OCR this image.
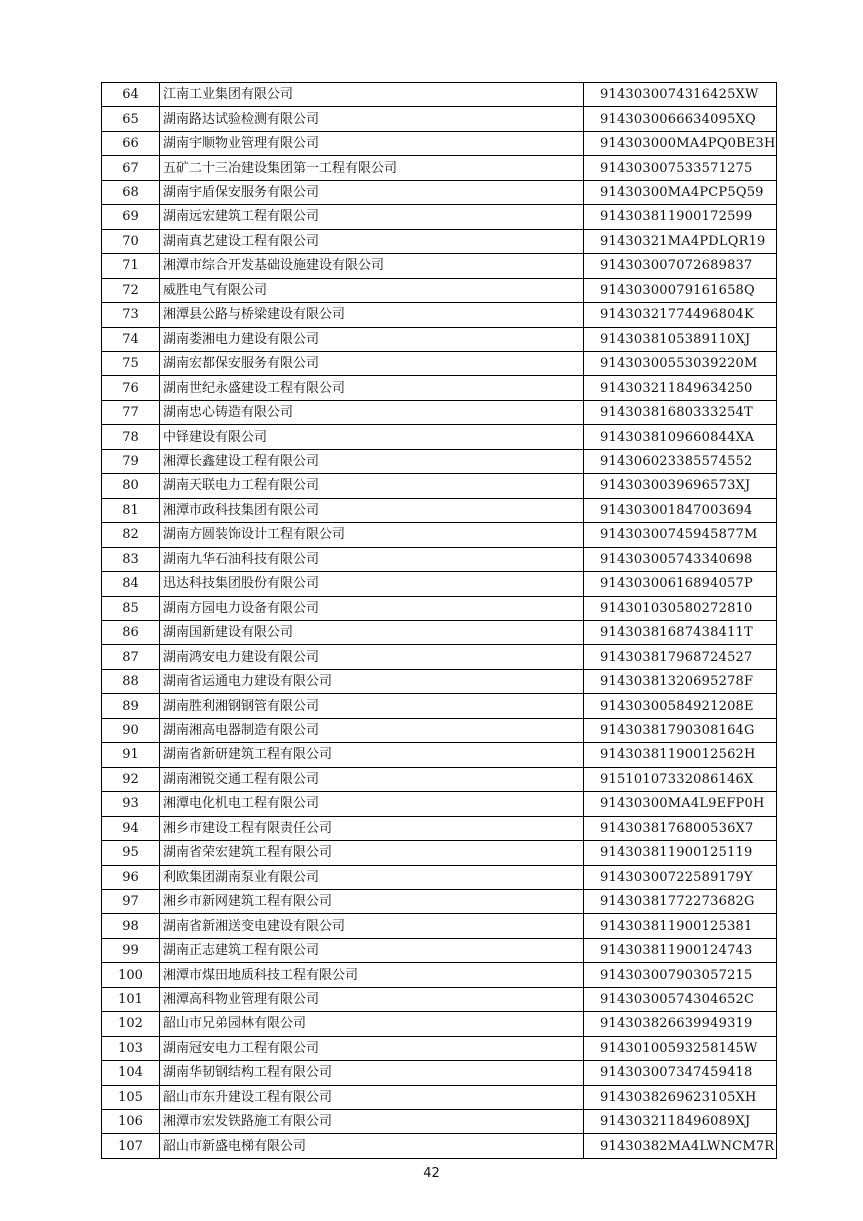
64	江南工业集团有限公司	9143030074316425XW
65	湖南路达试验检测有限公司	9143030066634095XQ
66	湖南宇顺物业管理有限公司	914303000MA4PQ0BE3H
67	五矿二十三冶建设集团第一工程有限公司	914303007533571275
68	湖南宇盾保安服务有限公司	91430300MA4PCP5Q59
69	湖南远宏建筑工程有限公司	914303811900172599
70	湖南真艺建设工程有限公司	91430321MA4PDLQR19
71	湘潭市综合开发基础设施建设有限公司	914303007072689837
72	威胜电气有限公司	91430300079161658Q
73	湘潭县公路与桥梁建设有限公司	91430321774496804K
74	湖南娄湘电力建设有限公司	9143038105389110XJ
75	湖南宏都保安服务有限公司	91430300553039220M
76	湖南世纪永盛建设工程有限公司	914303211849634250
77	湖南忠心铸造有限公司	91430381680333254T
78	中铎建设有限公司	9143038109660844XA
79	湘潭长鑫建设工程有限公司	914306023385574552
80	湖南天联电力工程有限公司	9143030039696573XJ
81	湘潭市政科技集团有限公司	914303001847003694
82	湖南方圆装饰设计工程有限公司	91430300745945877M
83	湖南九华石油科技有限公司	914303005743340698
84	迅达科技集团股份有限公司	91430300616894057P
85	湖南方园电力设备有限公司	914301030580272810
86	湖南国新建设有限公司	91430381687438411T
87	湖南鸿安电力建设有限公司	914303817968724527
88	湖南省运通电力建设有限公司	91430381320695278F
89	湖南胜利湘钢钢管有限公司	91430300584921208E
90	湖南湘高电器制造有限公司	91430381790308164G
91	湖南省新研建筑工程有限公司	91430381190012562H
92	湖南湘锐交通工程有限公司	91510107332086146X
93	湘潭电化机电工程有限公司	91430300MA4L9EFP0H
94	湘乡市建设工程有限责任公司	9143038176800536X7
95	湖南省荣宏建筑工程有限公司	914303811900125119
96	利欧集团湖南泵业有限公司	91430300722589179Y
97	湘乡市新网建筑工程有限公司	91430381772273682G
98	湖南省新湘送变电建设有限公司	914303811900125381
99	湖南正志建筑工程有限公司	914303811900124743
100	湘潭市煤田地质科技工程有限公司	914303007903057215
101	湘潭高科物业管理有限公司	91430300574304652C
102	韶山市兄弟园林有限公司	914303826639949319
103	湖南冠安电力工程有限公司	91430100593258145W
104	湖南华韧钢结构工程有限公司	914303007347459418
105	韶山市东升建设工程有限公司	9143038269623105XH
106	湘潭市宏发铁路施工有限公司	9143032118496089XJ
107	韶山市新盛电梯有限公司	91430382MA4LWNCM7R
42
